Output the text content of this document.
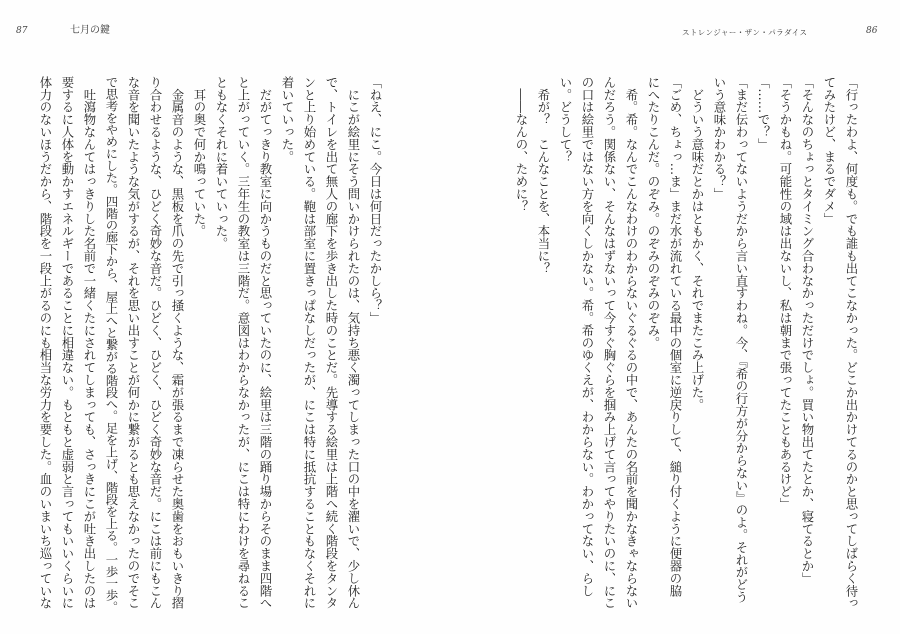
87	七月の鍵

「ねえ、にこ。今日は何日だったかしら？」

　にこが絵里にそう問いかけられたのは、気持ち悪く濁ってしまった口の中を濯いで、少し休ん

で、トイレを出て無人の廊下を歩き出した時のことだ。先導する絵里は上階へ続く階段をタンタ

ンと上り始めている。鞄は部室に置きっぱなしだったが、にこは特に抵抗することもなくそれに

着いていった。

　だがてっきり教室に向かうものだと思っていたのに、絵里は三階の踊り場からそのまま四階へ

と上がっていく。三年生の教室は三階だ。意図はわからなかったが、にこは特にわけを尋ねるこ

ともなくそれに着いていった。

　耳の奥で何か鳴っていた。

　金属音のような、黒板を爪の先で引っ掻くような、霜が張るまで凍らせた奥歯をおもいきり摺

り合わせるような、ひどく奇妙な音だ。ひどく、ひどく、ひどく奇妙な音だ。にこは前にもこん

な音を聞いたような気がするが、それを思い出すことが何かに繋がるとも思えなかったのでそこ

で思考をやめにした。四階の廊下から、屋上へと繋がる階段へ。足を上げ、階段を上る。一歩一歩。

　吐瀉物なんてはっきりした名前で一緒くたにされてしまっても、さっきにこが吐き出したのは

要するに人体を動かすエネルギーであることに相違ない。もともと虚弱と言ってもいいくらいに

体力のないほうだから、階段を一段上がるのにも相当な労力を要した。血のいまいち巡っていな

ストレンジャー・ザン・パラダイス	86

「行ったわよ、何度も。でも誰も出てこなかった。どこか出かけてるのかと思ってしばらく待っ

てみたけど、まるでダメ」

「そんなのちょっとタイミング合わなかっただけでしょ。買い物出てたとか、寝てるとか」

「そうかもね。可能性の域は出ないし、私は朝まで張ってたこともあるけど」

「……で？」

「まだ伝わってないようだから言い直すわね。今、『希の行方が分からない』のよ。それがどう

いう意味かわかる？」

　どういう意味だとかはともかく、それでまたこみ上げた。

「ごめ、ちょっ…ま」まだ水が流れている最中の個室に逆戻りして、縋り付くように便器の脇

にへたりこんだ。のぞみ。のぞみのぞみのぞみ。

　希。希。なんでこんなわけのわからないぐるぐるの中で、あんたの名前を聞かなきゃならない

んだろう。関係ない、そんなはずないって今すぐ胸ぐらを掴み上げて言ってやりたいのに、にこ

の口は絵里ではない方を向くしかない。希。希のゆくえが、わからない。わかってない、らし

い。どうして？

　希が？　こんなことを、本当に？

　――なんの、ために？
